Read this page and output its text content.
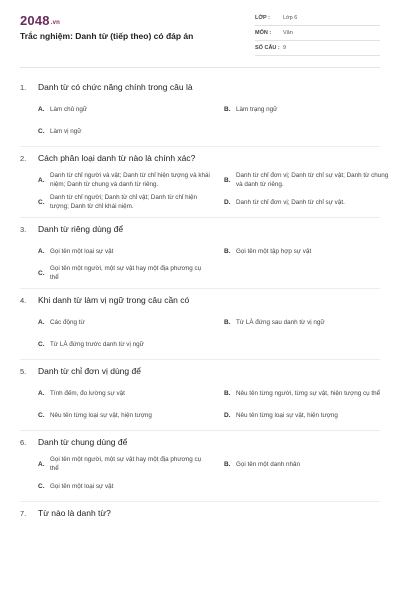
2048.vn
Trắc nghiệm: Danh từ (tiếp theo) có đáp án
LỚP : Lớp 6
MÔN : Văn
SỐ CÂU : 9
1.	Danh từ có chức năng chính trong câu là
A. Làm chủ ngữ	B. Làm trạng ngữ
C. Làm vị ngữ
2.	Cách phân loại danh từ nào là chính xác?
A.
Danh từ chỉ người và vật; Danh từ chỉ hiện tượng và khái niệm; Danh từ chung và danh từ riêng.
B.
Danh từ chỉ đơn vị; Danh từ chỉ sự vật; Danh từ chung và danh từ riêng.
C.
Danh từ chỉ người; Danh từ chỉ vật; Danh từ chỉ hiện tượng; Danh từ chỉ khái niệm.
D. Danh từ chỉ đơn vị; Danh từ chỉ sự vật.
3.	Danh từ riêng dùng để
A. Gọi tên một loại sự vật	B. Gọi tên một tập hợp sự vật
C.
Gọi tên một người, một sự vật hay một địa phương cụ thể
4.	Khi danh từ làm vị ngữ trong câu cần có
A. Các động từ	B. Từ LÀ đứng sau danh từ vị ngữ
C. Từ LÀ đứng trước danh từ vị ngữ
5.	Danh từ chỉ đơn vị dùng để
A. Tính đếm, đo lường sự vật	B. Nêu tên từng người, từng sự vật, hiện tượng cụ thể
C. Nêu tên từng loại sự vật, hiện tượng	D. Nêu tên từng loại sự vật, hiện tượng
6.	Danh từ chung dùng để
A.
Gọi tên một người, một sự vật hay một địa phương cụ thể
B. Gọi tên một danh nhân
C. Gọi tên một loại sự vật
7.	Từ nào là danh từ?
